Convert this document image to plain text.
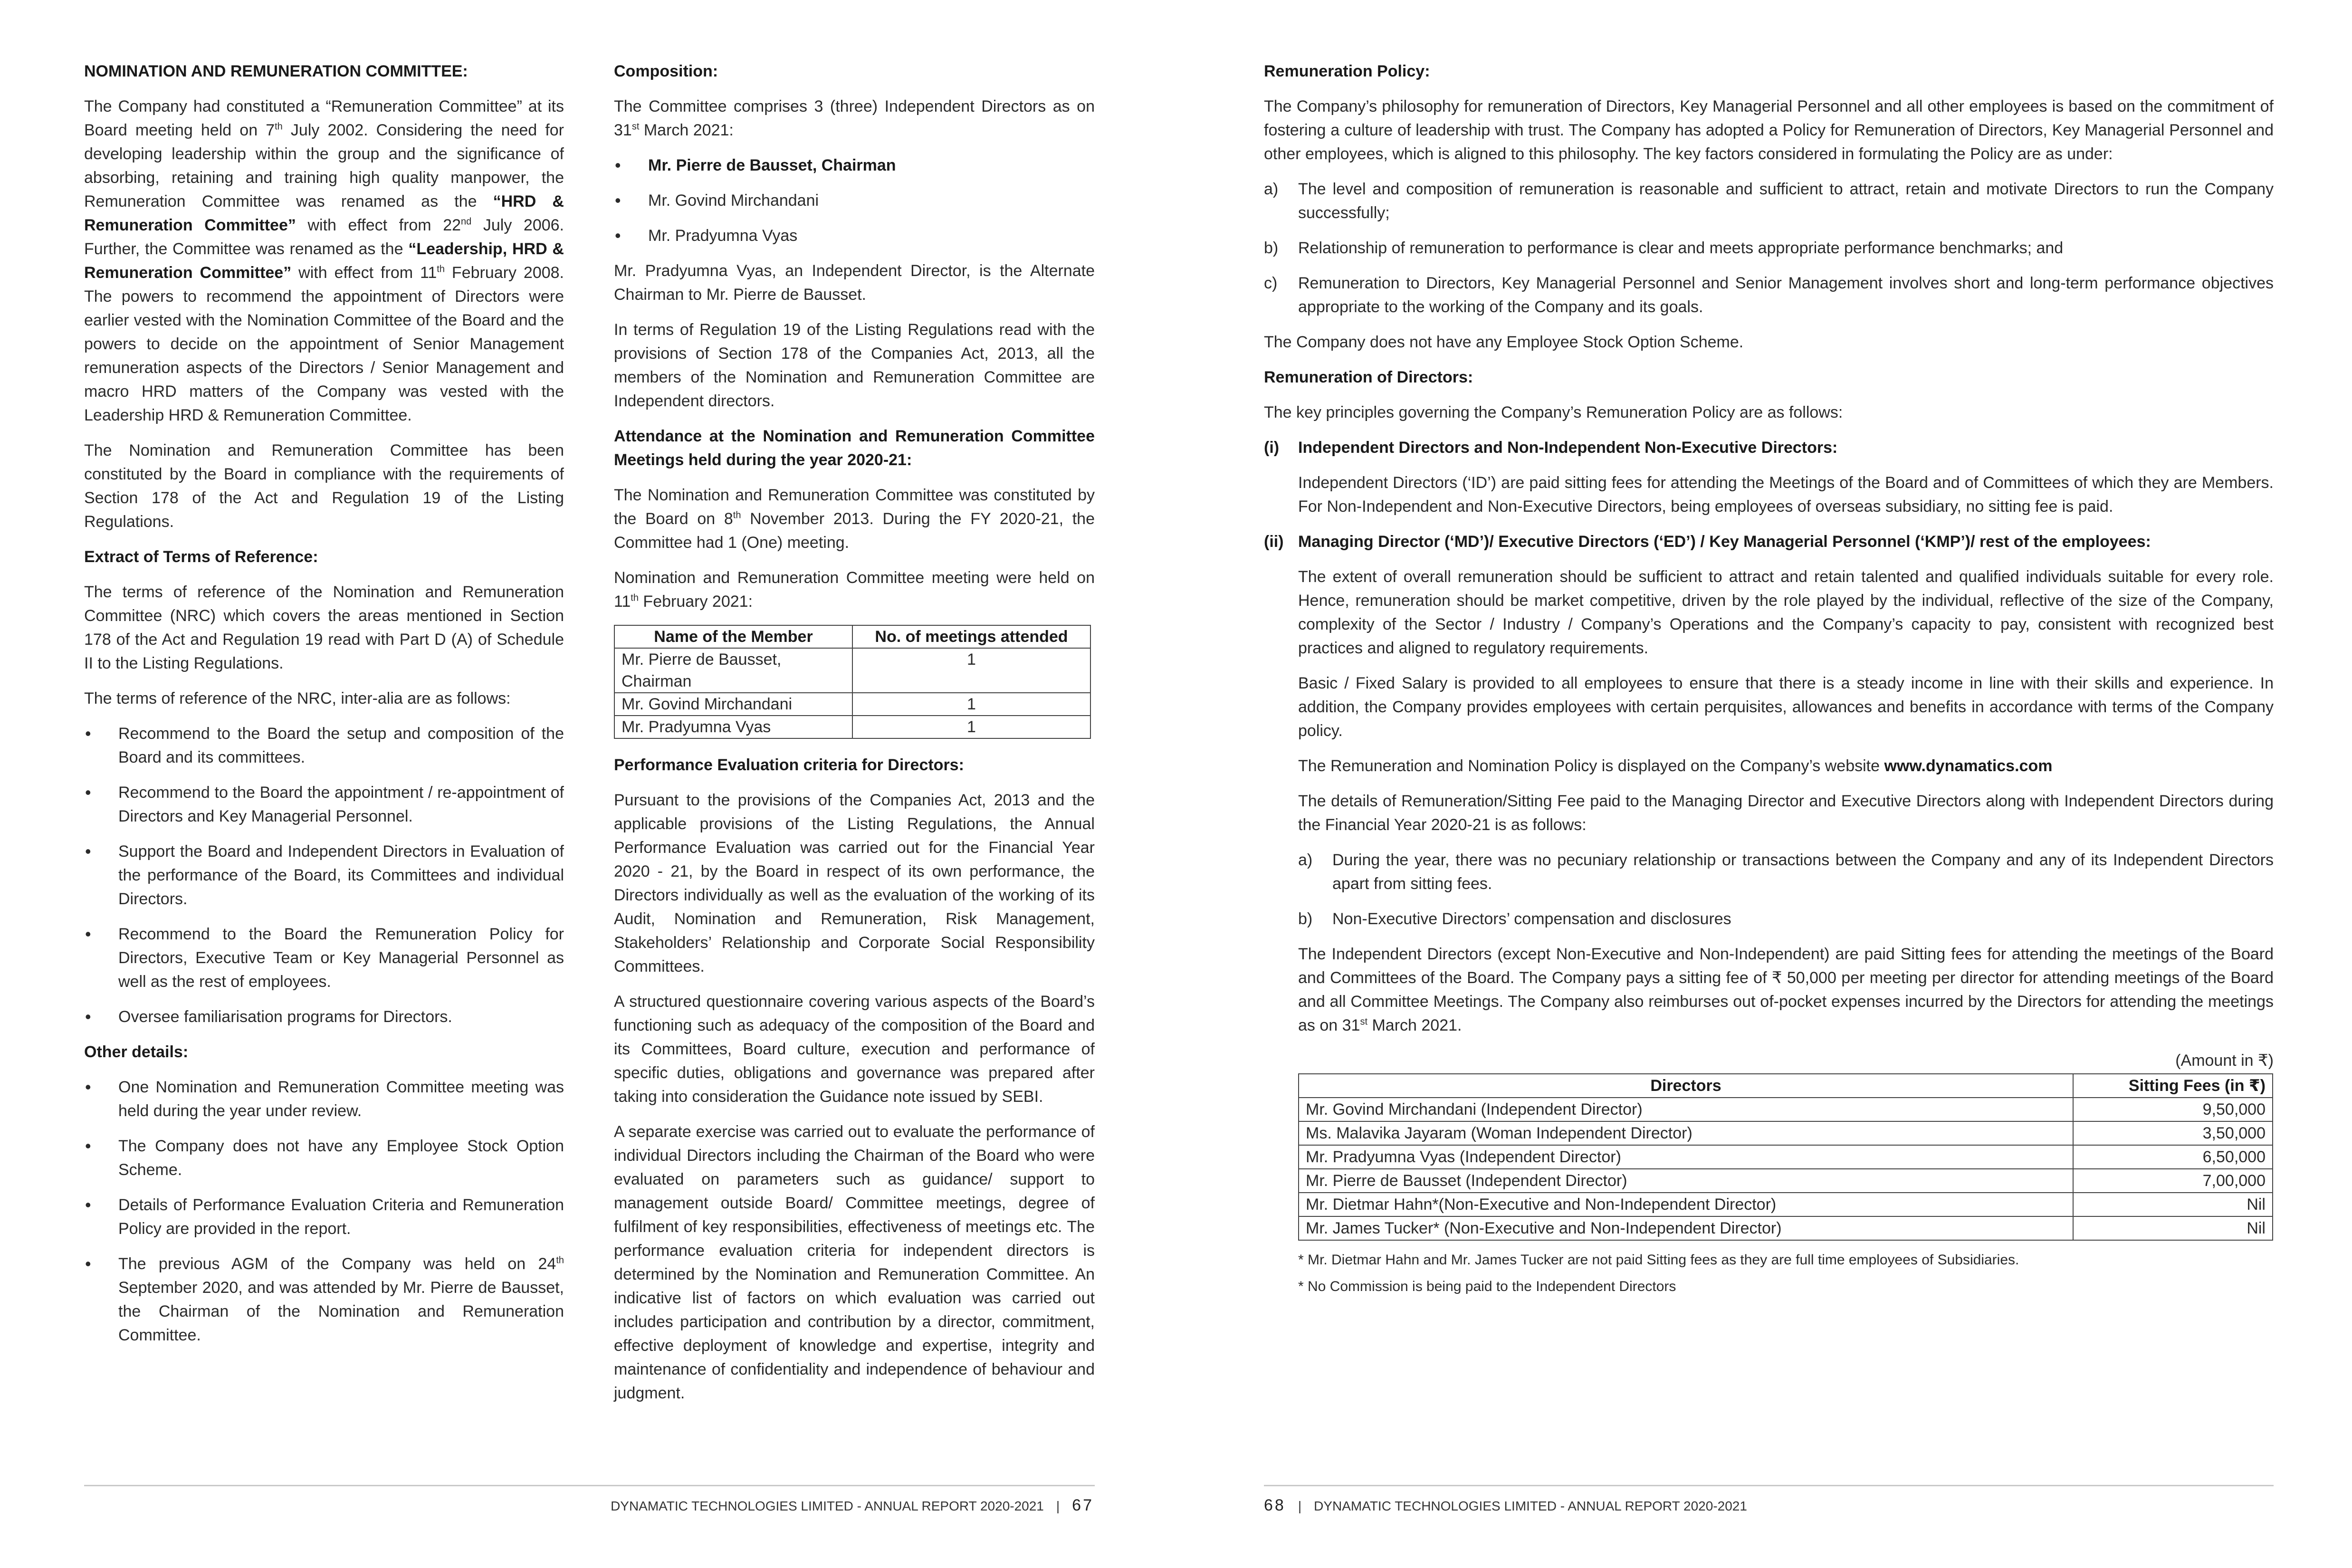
NOMINATION AND REMUNERATION COMMITTEE:

The Company had constituted a “Remuneration Committee” at its Board meeting held on 7th July 2002. Considering the need for developing leadership within the group and the significance of absorbing, retaining and training high quality manpower, the Remuneration Committee was renamed as the “HRD & Remuneration Committee” with effect from 22nd July 2006. Further, the Committee was renamed as the “Leadership, HRD & Remuneration Committee” with effect from 11th February 2008. The powers to recommend the appointment of Directors were earlier vested with the Nomination Committee of the Board and the powers to decide on the appointment of Senior Management remuneration aspects of the Directors / Senior Management and macro HRD matters of the Company was vested with the Leadership HRD & Remuneration Committee.

The Nomination and Remuneration Committee has been constituted by the Board in compliance with the requirements of Section 178 of the Act and Regulation 19 of the Listing Regulations.

Extract of Terms of Reference:

The terms of reference of the Nomination and Remuneration Committee (NRC) which covers the areas mentioned in Section 178 of the Act and Regulation 19 read with Part D (A) of Schedule II to the Listing Regulations.

The terms of reference of the NRC, inter-alia are as follows:

• Recommend to the Board the setup and composition of the Board and its committees.
• Recommend to the Board the appointment / re-appointment of Directors and Key Managerial Personnel.
• Support the Board and Independent Directors in Evaluation of the performance of the Board, its Committees and individual Directors.
• Recommend to the Board the Remuneration Policy for Directors, Executive Team or Key Managerial Personnel as well as the rest of employees.
• Oversee familiarisation programs for Directors.
Other details:
• One Nomination and Remuneration Committee meeting was held during the year under review.
• The Company does not have any Employee Stock Option Scheme.
• Details of Performance Evaluation Criteria and Remuneration Policy are provided in the report.
• The previous AGM of the Company was held on 24th September 2020, and was attended by Mr. Pierre de Bausset, the Chairman of the Nomination and Remuneration Committee.
Composition:

The Committee comprises 3 (three) Independent Directors as on 31st March 2021:

• Mr. Pierre de Bausset, Chairman
• Mr. Govind Mirchandani
• Mr. Pradyumna Vyas

Mr. Pradyumna Vyas, an Independent Director, is the Alternate Chairman to Mr. Pierre de Bausset.

In terms of Regulation 19 of the Listing Regulations read with the provisions of Section 178 of the Companies Act, 2013, all the members of the Nomination and Remuneration Committee are Independent directors.

Attendance at the Nomination and Remuneration Committee Meetings held during the year 2020-21:

The Nomination and Remuneration Committee was constituted by the Board on 8th November 2013. During the FY 2020-21, the Committee had 1 (One) meeting.

Nomination and Remuneration Committee meeting were held on 11th February 2021:

Name of the Member	No. of meetings attended
Mr. Pierre de Bausset, Chairman	1
Mr. Govind Mirchandani	1
Mr. Pradyumna Vyas	1
Performance Evaluation criteria for Directors:

Pursuant to the provisions of the Companies Act, 2013 and the applicable provisions of the Listing Regulations, the Annual Performance Evaluation was carried out for the Financial Year 2020 - 21, by the Board in respect of its own performance, the Directors individually as well as the evaluation of the working of its Audit, Nomination and Remuneration, Risk Management, Stakeholders’ Relationship and Corporate Social Responsibility Committees.

A structured questionnaire covering various aspects of the Board’s functioning such as adequacy of the composition of the Board and its Committees, Board culture, execution and performance of specific duties, obligations and governance was prepared after taking into consideration the Guidance note issued by SEBI.

A separate exercise was carried out to evaluate the performance of individual Directors including the Chairman of the Board who were evaluated on parameters such as guidance/ support to management outside Board/ Committee meetings, degree of fulfilment of key responsibilities, effectiveness of meetings etc. The performance evaluation criteria for independent directors is determined by the Nomination and Remuneration Committee. An indicative list of factors on which evaluation was carried out includes participation and contribution by a director, commitment, effective deployment of knowledge and expertise, integrity and maintenance of confidentiality and independence of behaviour and judgment.

Remuneration Policy:

The Company’s philosophy for remuneration of Directors, Key Managerial Personnel and all other employees is based on the commitment of fostering a culture of leadership with trust. The Company has adopted a Policy for Remuneration of Directors, Key Managerial Personnel and other employees, which is aligned to this philosophy. The key factors considered in formulating the Policy are as under:

a) The level and composition of remuneration is reasonable and sufficient to attract, retain and motivate Directors to run the Company successfully;
b) Relationship of remuneration to performance is clear and meets appropriate performance benchmarks; and
c) Remuneration to Directors, Key Managerial Personnel and Senior Management involves short and long-term performance objectives appropriate to the working of the Company and its goals.

The Company does not have any Employee Stock Option Scheme.

Remuneration of Directors:

The key principles governing the Company’s Remuneration Policy are as follows:

(i) Independent Directors and Non-Independent Non-Executive Directors:

Independent Directors (‘ID’) are paid sitting fees for attending the Meetings of the Board and of Committees of which they are Members. For Non-Independent and Non-Executive Directors, being employees of overseas subsidiary, no sitting fee is paid.

(ii) Managing Director (‘MD’)/ Executive Directors (‘ED’) / Key Managerial Personnel (‘KMP’)/ rest of the employees:

The extent of overall remuneration should be sufficient to attract and retain talented and qualified individuals suitable for every role. Hence, remuneration should be market competitive, driven by the role played by the individual, reflective of the size of the Company, complexity of the Sector / Industry / Company’s Operations and the Company’s capacity to pay, consistent with recognized best practices and aligned to regulatory requirements.

Basic / Fixed Salary is provided to all employees to ensure that there is a steady income in line with their skills and experience. In addition, the Company provides employees with certain perquisites, allowances and benefits in accordance with terms of the Company policy.

The Remuneration and Nomination Policy is displayed on the Company’s website www.dynamatics.com

The details of Remuneration/Sitting Fee paid to the Managing Director and Executive Directors along with Independent Directors during the Financial Year 2020-21 is as follows:

a) During the year, there was no pecuniary relationship or transactions between the Company and any of its Independent Directors apart from sitting fees.
b) Non-Executive Directors’ compensation and disclosures

The Independent Directors (except Non-Executive and Non-Independent) are paid Sitting fees for attending the meetings of the Board and Committees of the Board. The Company pays a sitting fee of ₹ 50,000 per meeting per director for attending meetings of the Board and all Committee Meetings. The Company also reimburses out of-pocket expenses incurred by the Directors for attending the meetings as on 31st March 2021.

(Amount in ₹)
Directors	Sitting Fees (in ₹)
Mr. Govind Mirchandani (Independent Director)	9,50,000
Ms. Malavika Jayaram (Woman Independent Director)	3,50,000
Mr. Pradyumna Vyas (Independent Director)	6,50,000
Mr. Pierre de Bausset (Independent Director)	7,00,000
Mr. Dietmar Hahn*(Non-Executive and Non-Independent Director)	Nil
Mr. James Tucker* (Non-Executive and Non-Independent Director)	Nil
* Mr. Dietmar Hahn and Mr. James Tucker are not paid Sitting fees as they are full time employees of Subsidiaries.
* No Commission is being paid to the Independent Directors
DYNAMATIC TECHNOLOGIES LIMITED - ANNUAL REPORT 2020-2021 | 67	68 | DYNAMATIC TECHNOLOGIES LIMITED - ANNUAL REPORT 2020-2021
